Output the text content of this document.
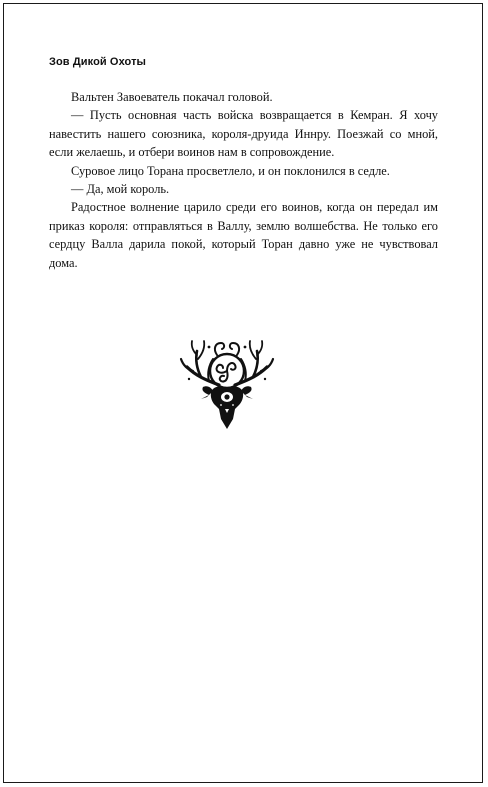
Зов Дикой Охоты

Вальтен Завоеватель покачал головой.

— Пусть основная часть войска возвращается в Кемран. Я хочу навестить нашего союзника, короля-друида Иннру. Поезжай со мной, если желаешь, и отбери воинов нам в сопровождение.

Суровое лицо Торана просветлело, и он поклонился в седле.

— Да, мой король.

Радостное волнение царило среди его воинов, когда он передал им приказ короля: отправляться в Валлу, землю волшебства. Не только его сердцу Валла дарила покой, который Торан давно уже не чувствовал дома.
